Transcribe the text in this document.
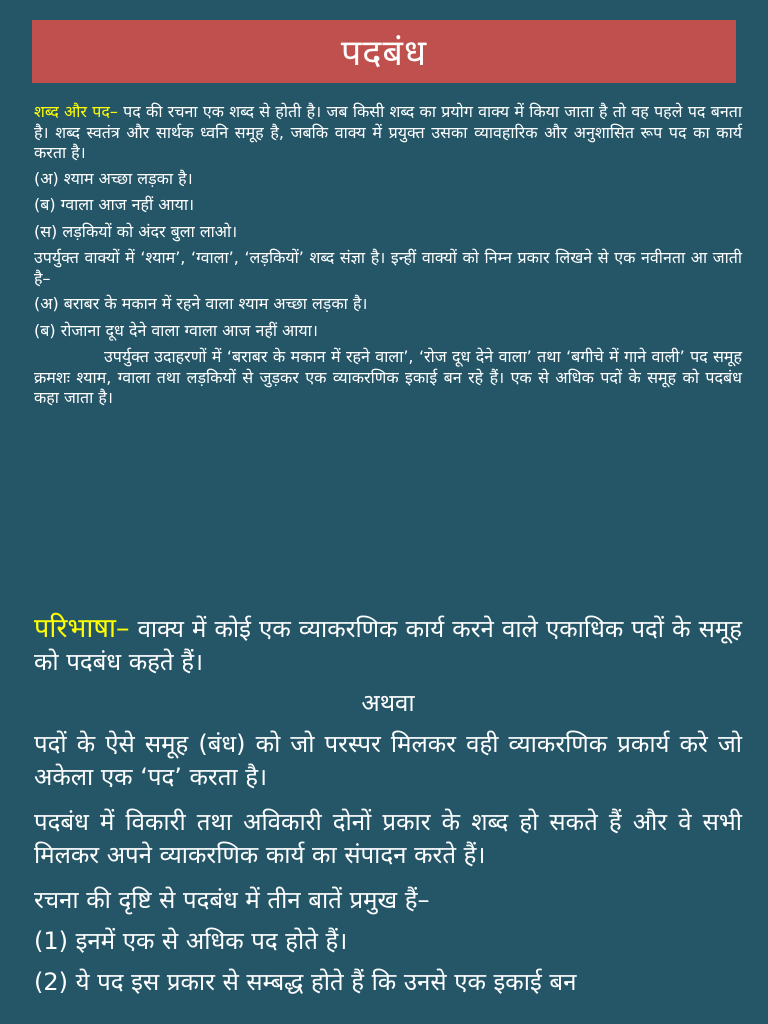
पदबंध

शब्द और पद– पद की रचना एक शब्द से होती है। जब किसी शब्द का प्रयोग वाक्य में किया जाता है तो वह पहले पद बनता है। शब्द स्वतंत्र और सार्थक ध्वनि समूह है, जबकि वाक्य में प्रयुक्त उसका व्यावहारिक और अनुशासित रूप पद का कार्य करता है।

(अ) श्याम अच्छा लड़का है।

(ब) ग्वाला आज नहीं आया।

(स) लड़कियों को अंदर बुला लाओ।

उपर्युक्त वाक्यों में ‘श्याम’, ‘ग्वाला’, ‘लड़कियों’ शब्द संज्ञा है। इन्हीं वाक्यों को निम्न प्रकार लिखने से एक नवीनता आ जाती है–

(अ) बराबर के मकान में रहने वाला श्याम अच्छा लड़का है।

(ब) रोजाना दूध देने वाला ग्वाला आज नहीं आया।

उपर्युक्त उदाहरणों में ‘बराबर के मकान में रहने वाला’, ‘रोज दूध देने वाला’ तथा ‘बगीचे में गाने वाली’ पद समूह क्रमशः श्याम, ग्वाला तथा लड़कियों से जुड़कर एक व्याकरणिक इकाई बन रहे हैं। एक से अधिक पदों के समूह को पदबंध कहा जाता है।

परिभाषा– वाक्य में कोई एक व्याकरणिक कार्य करने वाले एकाधिक पदों के समूह को पदबंध कहते हैं।

अथवा

पदों के ऐसे समूह (बंध) को जो परस्पर मिलकर वही व्याकरणिक प्रकार्य करे जो अकेला एक ‘पद’ करता है।

पदबंध में विकारी तथा अविकारी दोनों प्रकार के शब्द हो सकते हैं और वे सभी मिलकर अपने व्याकरणिक कार्य का संपादन करते हैं।

रचना की दृष्टि से पदबंध में तीन बातें प्रमुख हैं–

(1) इनमें एक से अधिक पद होते हैं।

(2) ये पद इस प्रकार से सम्बद्ध होते हैं कि उनसे एक इकाई बन
